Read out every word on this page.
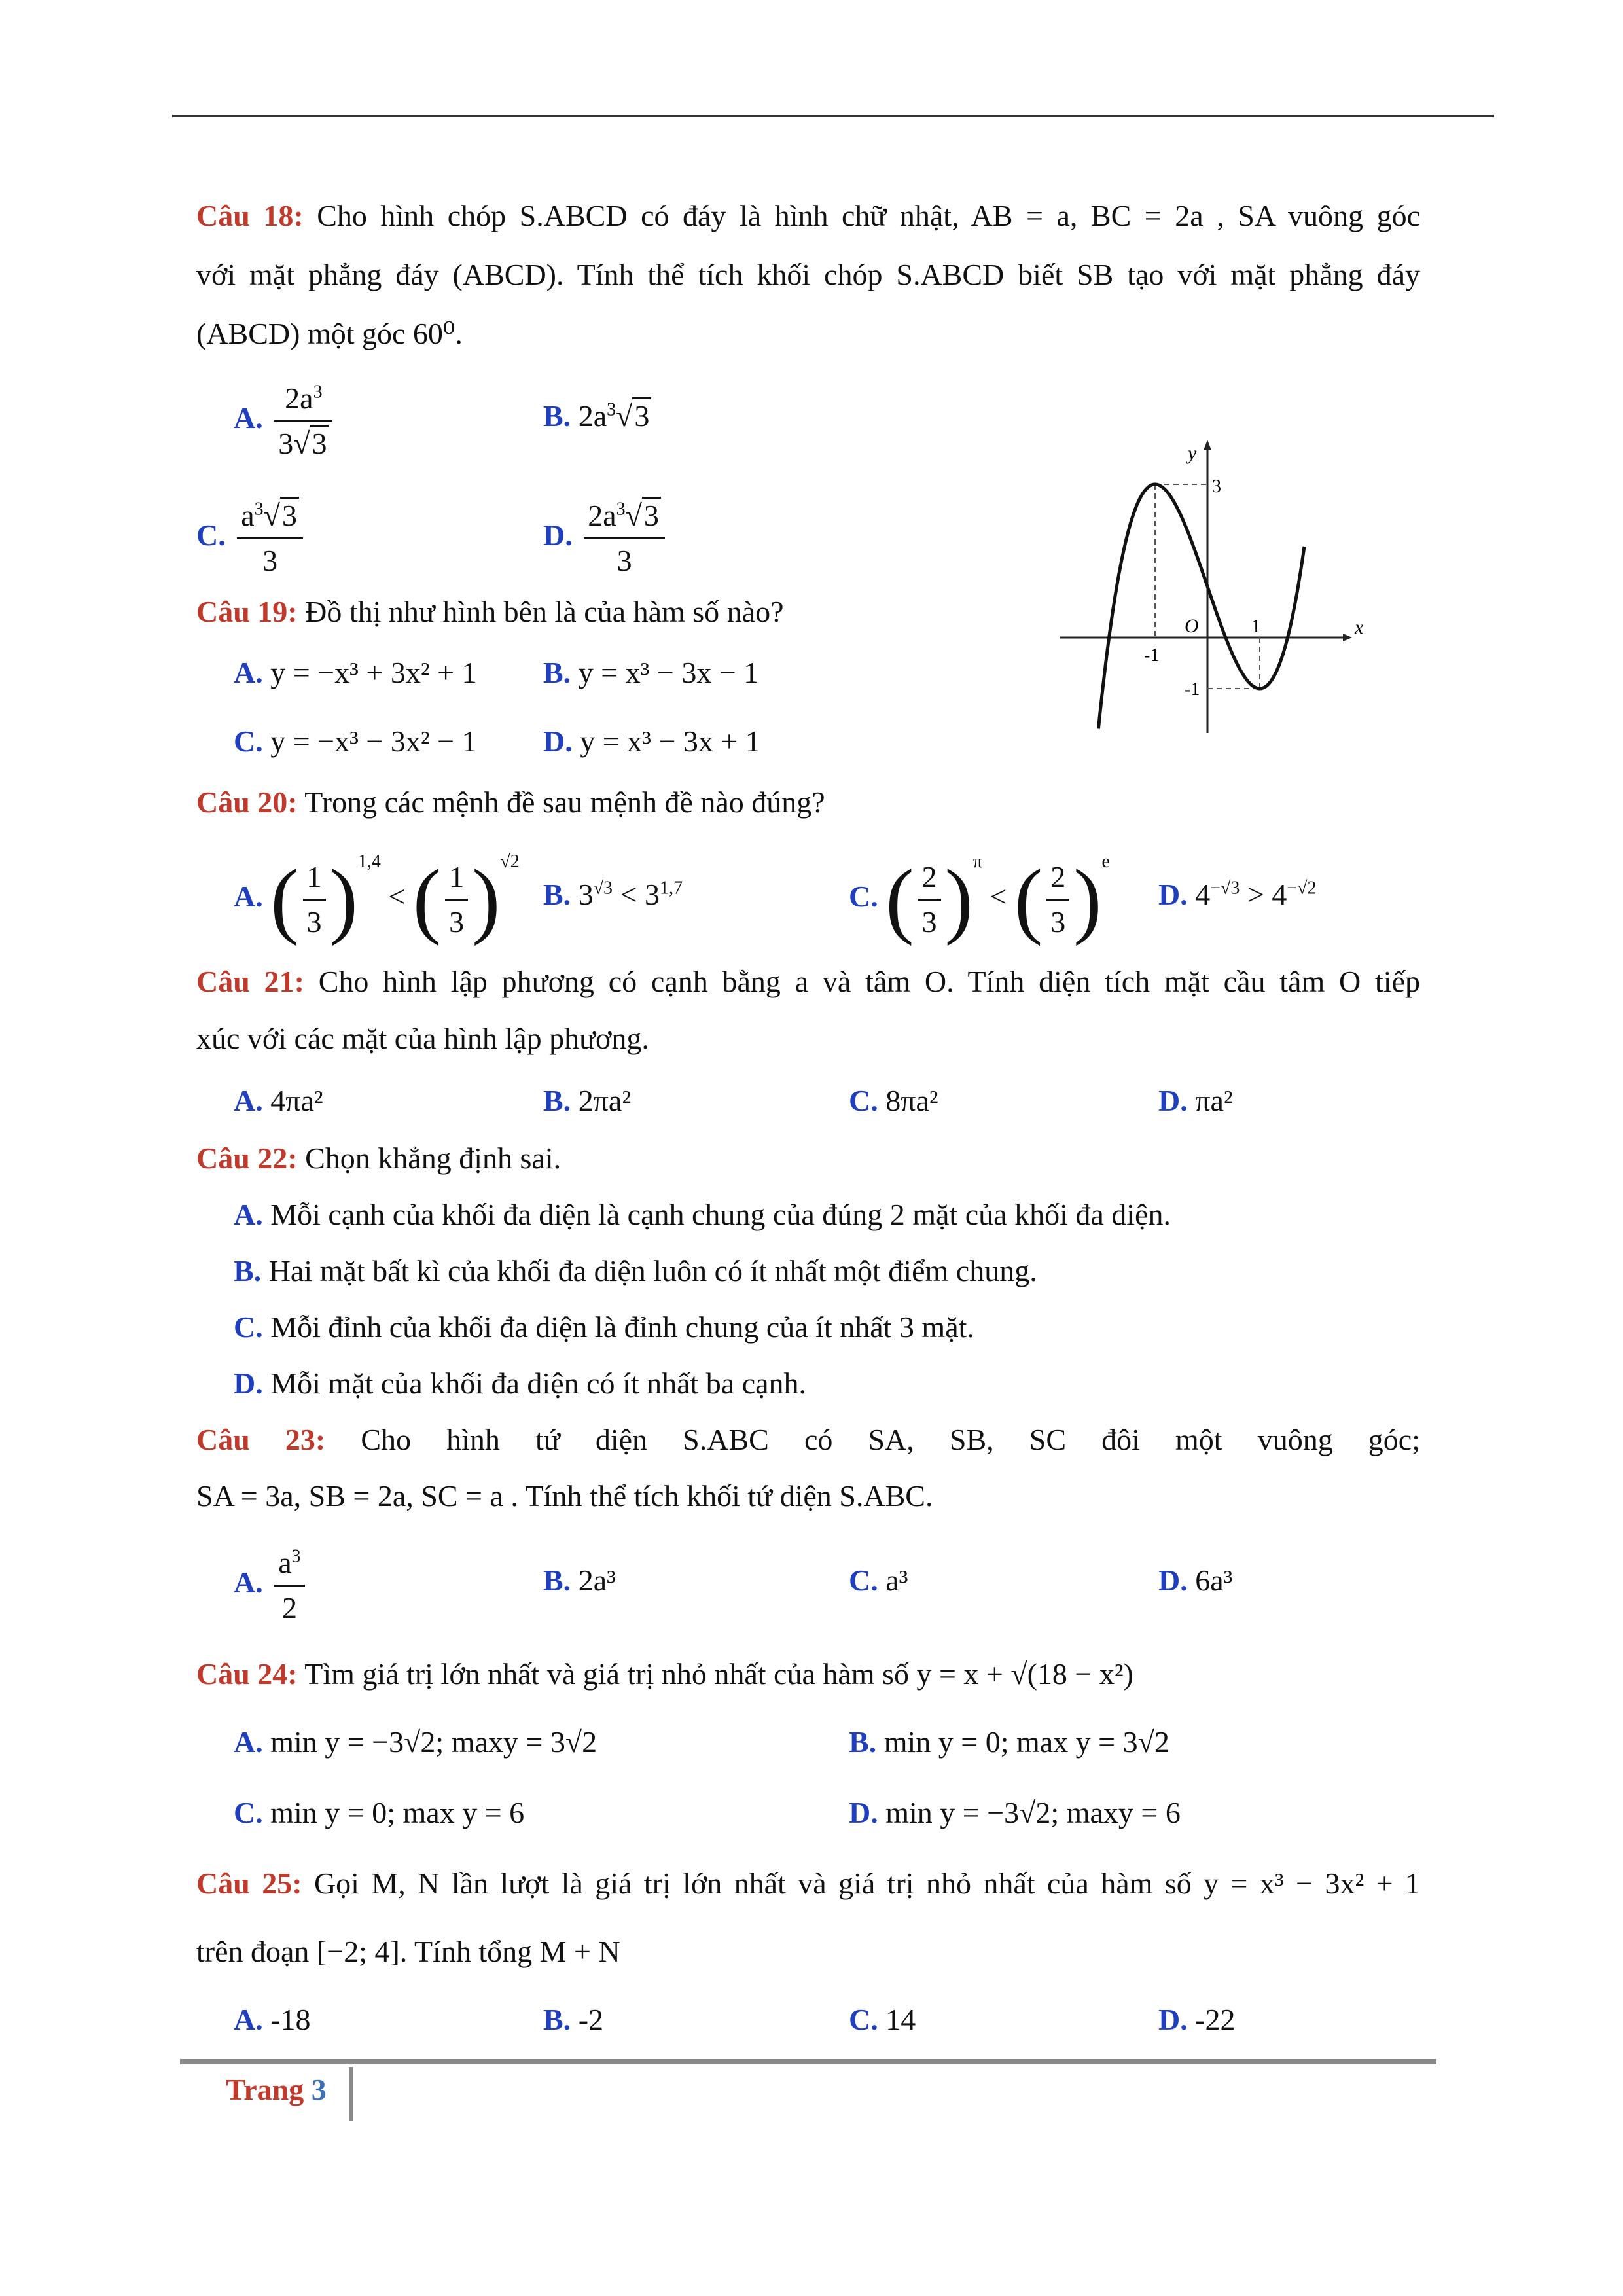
Câu 18: Cho hình chóp S.ABCD có đáy là hình chữ nhật, AB = a, BC = 2a , SA vuông góc
với mặt phẳng đáy (ABCD). Tính thể tích khối chóp S.ABCD biết SB tạo với mặt phẳng đáy
(ABCD) một góc 60⁰.
A. $\frac{2a^3}{3√3}$	B. $2a^3√3$
C. $\frac{a^3√3}{3}$	D. $\frac{2a^3√3}{3}$
y
x
O
3
1
-1
-1
Câu 19: Đồ thị như hình bên là của hàm số nào?
A. y = −x³ + 3x² + 1 B. y = x³ − 3x − 1
C. y = −x³ − 3x² − 1 D. y = x³ − 3x + 1
Câu 20: Trong các mệnh đề sau mệnh đề nào đúng?
A. ( $\frac{1}{3} )^{1,4}$ < ( $\frac{1}{3} )^{√2}$
B. $3^{√3} < 3^{1,7}$	C. ( $\frac{2}{3} )^\pi$ < ( $\frac{2}{3} )^e$
D. $4^{-√3} > 4^{-√2}$
Câu 21: Cho hình lập phương có cạnh bằng a và tâm O. Tính diện tích mặt cầu tâm O tiếp
xúc với các mặt của hình lập phương.
A. 4πa²	B. 2πa²	C. 8πa²	D. πa²
Câu 22: Chọn khẳng định sai.
A. Mỗi cạnh của khối đa diện là cạnh chung của đúng 2 mặt của khối đa diện.
B. Hai mặt bất kì của khối đa diện luôn có ít nhất một điểm chung.
C. Mỗi đỉnh của khối đa diện là đỉnh chung của ít nhất 3 mặt.
D. Mỗi mặt của khối đa diện có ít nhất ba cạnh.
Câu 23: Cho hình tứ diện S.ABC có SA, SB, SC đôi một vuông góc;
SA = 3a, SB = 2a, SC = a . Tính thể tích khối tứ diện S.ABC.
A. $\frac{a^3}{2}$	B. 2a³	C. a³	D. 6a³
Câu 24: Tìm giá trị lớn nhất và giá trị nhỏ nhất của hàm số y = x + √(18 − x²)
A. min y = −3√2; maxy = 3√2	B. min y = 0; max y = 3√2
C. min y = 0; max y = 6	D. min y = −3√2; maxy = 6
Câu 25: Gọi M, N lần lượt là giá trị lớn nhất và giá trị nhỏ nhất của hàm số y = x³ − 3x² + 1
trên đoạn [−2; 4]. Tính tổng M + N
A. -18	B. -2	C. 14	D. -22
Trang 3
